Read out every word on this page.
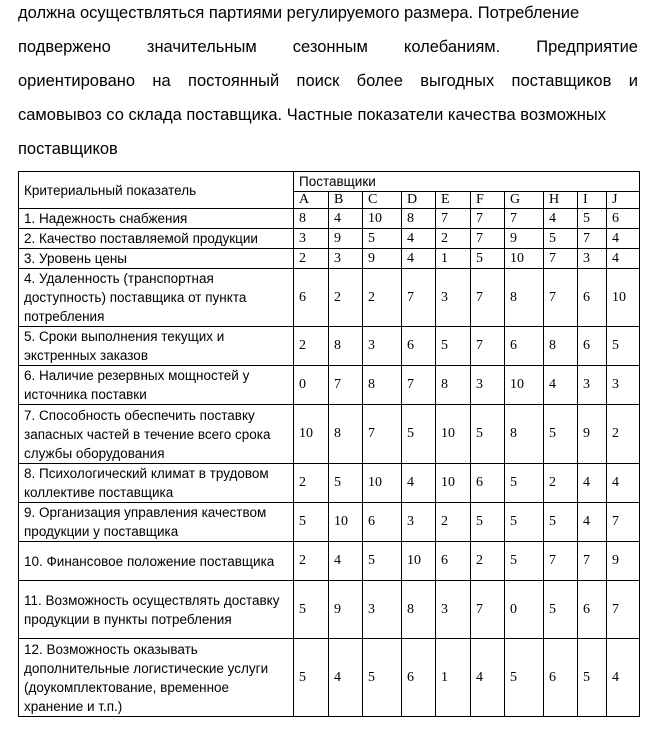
должна осуществляться партиями регулируемого размера. Потребление
подвержено значительным сезонным колебаниям. Предприятие
ориентировано на постоянный поиск более выгодных поставщиков и
самовывоз со склада поставщика. Частные показатели качества возможных
поставщиков
Критериальный показатель	Поставщики									
	A	B	C	D	E	F	G	H	I	J
1. Надежность снабжения	8	4	10	8	7	7	7	4	5	6
2. Качество поставляемой продукции	3	9	5	4	2	7	9	5	7	4
3. Уровень цены	2	3	9	4	1	5	10	7	3	4
4. Удаленность (транспортная доступность) поставщика от пункта потребления	6	2	2	7	3	7	8	7	6	10
5. Сроки выполнения текущих и экстренных заказов	2	8	3	6	5	7	6	8	6	5
6. Наличие резервных мощностей у источника поставки	0	7	8	7	8	3	10	4	3	3
7. Способность обеспечить поставку запасных частей в течение всего срока службы оборудования	10	8	7	5	10	5	8	5	9	2
8. Психологический климат в трудовом коллективе поставщика	2	5	10	4	10	6	5	2	4	4
9. Организация управления качеством продукции у поставщика	5	10	6	3	2	5	5	5	4	7
10. Финансовое положение поставщика	2	4	5	10	6	2	5	7	7	9
11. Возможность осуществлять доставку продукции в пункты потребления	5	9	3	8	3	7	0	5	6	7
12. Возможность оказывать дополнительные логистические услуги (доукомплектование, временное хранение и т.п.)	5	4	5	6	1	4	5	6	5	4
